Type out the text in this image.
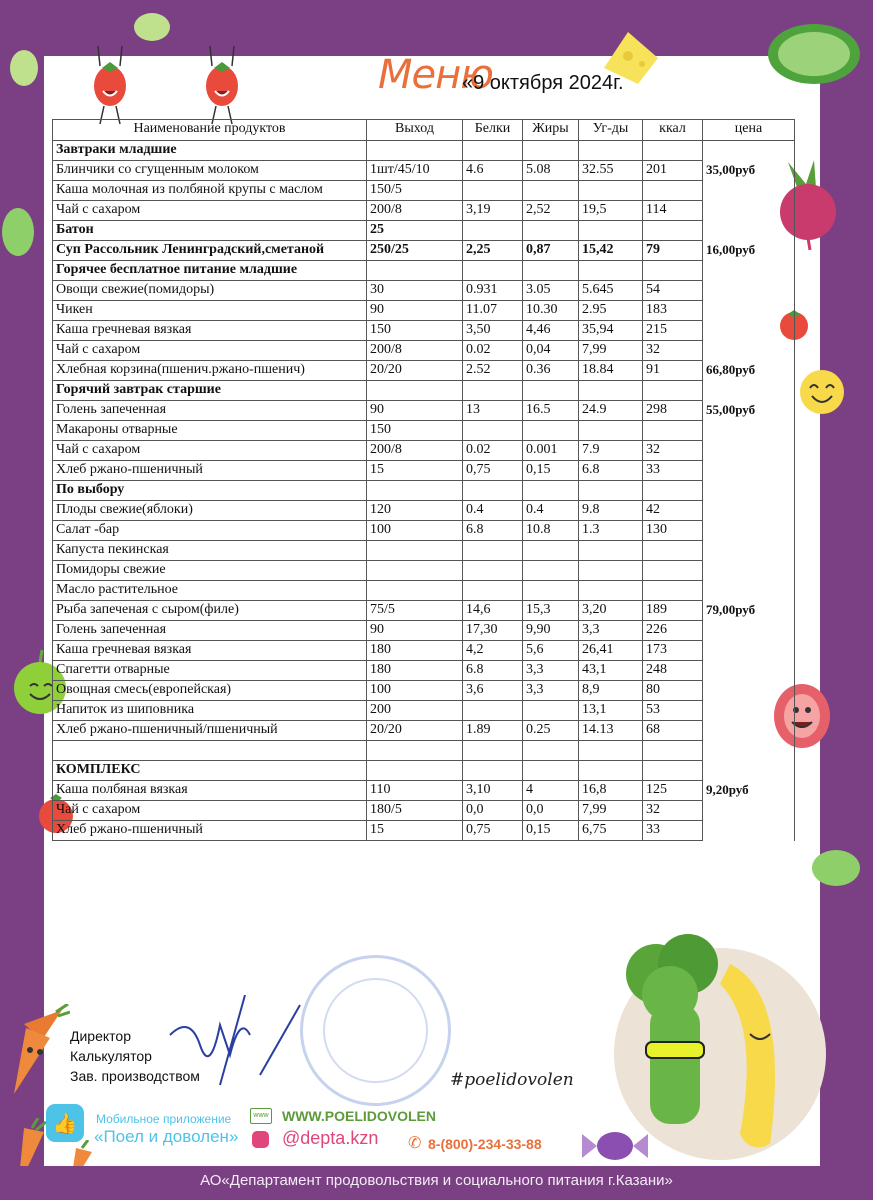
Меню
«9 октября 2024г.
Наименование продуктов	Выход	Белки	Жиры	Уг-ды	ккал	цена
Завтраки младшие						
Блинчики со сгущенным молоком	1шт/45/10	4.6	5.08	32.55	201	35,00руб
Каша молочная из полбяной крупы с маслом	150/5					
Чай с сахаром	200/8	3,19	2,52	19,5	114	
Батон	25					
Суп Рассольник Ленинградский,сметаной	250/25	2,25	0,87	15,42	79	16,00руб
Горячее бесплатное питание младшие						
Овощи свежие(помидоры)	30	0.931	3.05	5.645	54	
Чикен	90	11.07	10.30	2.95	183	
Каша гречневая вязкая	150	3,50	4,46	35,94	215	
Чай с сахаром	200/8	0.02	0,04	7,99	32	
Хлебная корзина(пшенич.ржано-пшенич)	20/20	2.52	0.36	18.84	91	66,80руб
Горячий завтрак старшие						
Голень запеченная	90	13	16.5	24.9	298	55,00руб
Макароны отварные	150					
Чай с сахаром	200/8	0.02	0.001	7.9	32	
Хлеб ржано-пшеничный	15	0,75	0,15	6.8	33	
По выбору						
Плоды свежие(яблоки)	120	0.4	0.4	9.8	42	
Салат -бар	100	6.8	10.8	1.3	130	
Капуста пекинская						
Помидоры свежие						
Масло растительное						
Рыба запеченая с сыром(филе)	75/5	14,6	15,3	3,20	189	79,00руб
Голень запеченная	90	17,30	9,90	3,3	226	
Каша гречневая вязкая	180	4,2	5,6	26,41	173	
Спагетти отварные	180	6.8	3,3	43,1	248	
Овощная смесь(европейская)	100	3,6	3,3	8,9	80	
Напиток из шиповника	200			13,1	53	
Хлеб ржано-пшеничный/пшеничный	20/20	1.89	0.25	14.13	68	

КОМПЛЕКС						
Каша полбяная вязкая	110	3,10	4	16,8	125	9,20руб
Чай с сахаром	180/5	0,0	0,0	7,99	32	
Хлеб ржано-пшеничный	15	0,75	0,15	6,75	33	
Директор
Калькулятор
Зав. производством	#poelidovolen
👍	Мобильное приложение
«Поел и доволен»
www WWW.POELIDOVOLEN
@depta.kzn ✆ 8-(800)-234-33-88
АО«Департамент продовольствия и социального питания г.Казани»
